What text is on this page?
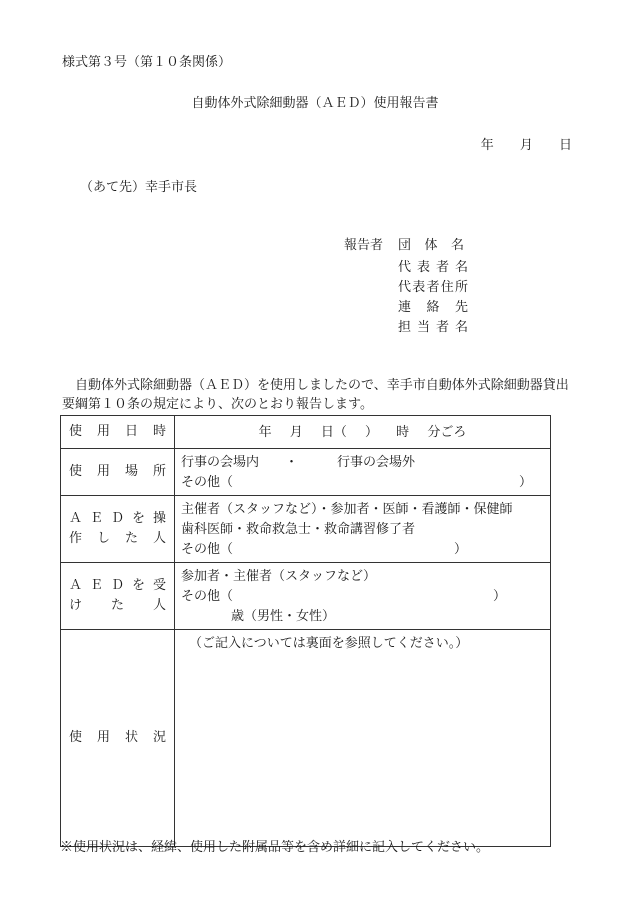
様式第３号（第１０条関係）
自動体外式除細動器（ＡＥＤ）使用報告書
年 月 日
（あて先）幸手市長
報告者 団 体 名
代 表 者 名
代表者住所
連 絡 先
担 当 者 名

自動体外式除細動器（ＡＥＤ）を使用しましたので、幸手市自動体外式除細動器貸出

要綱第１０条の規定により、次のとおり報告します。

使　用　日　時	年 月 日（ ） 時 分ごろ

使　用　場　所	行事の会場内　　・　　　行事の会場外
その他（　　　　　　　　　　　　　　　　　　　　　　）

ＡＥＤを操
作　し　た　人	主催者（スタッフなど）・参加者・医師・看護師・保健師
歯科医師・救命救急士・救命講習修了者
その他（　　　　　　　　　　　　　　　　　）

ＡＥＤを受
け　　た　　人	参加者・主催者（スタッフなど）
その他（　　　　　　　　　　　　　　　　　　　　）
歳（男性・女性）

使　用　状　況	（ご記入については裏面を参照してください。）
※使用状況は、経緯、使用した附属品等を含め詳細に記入してください。
